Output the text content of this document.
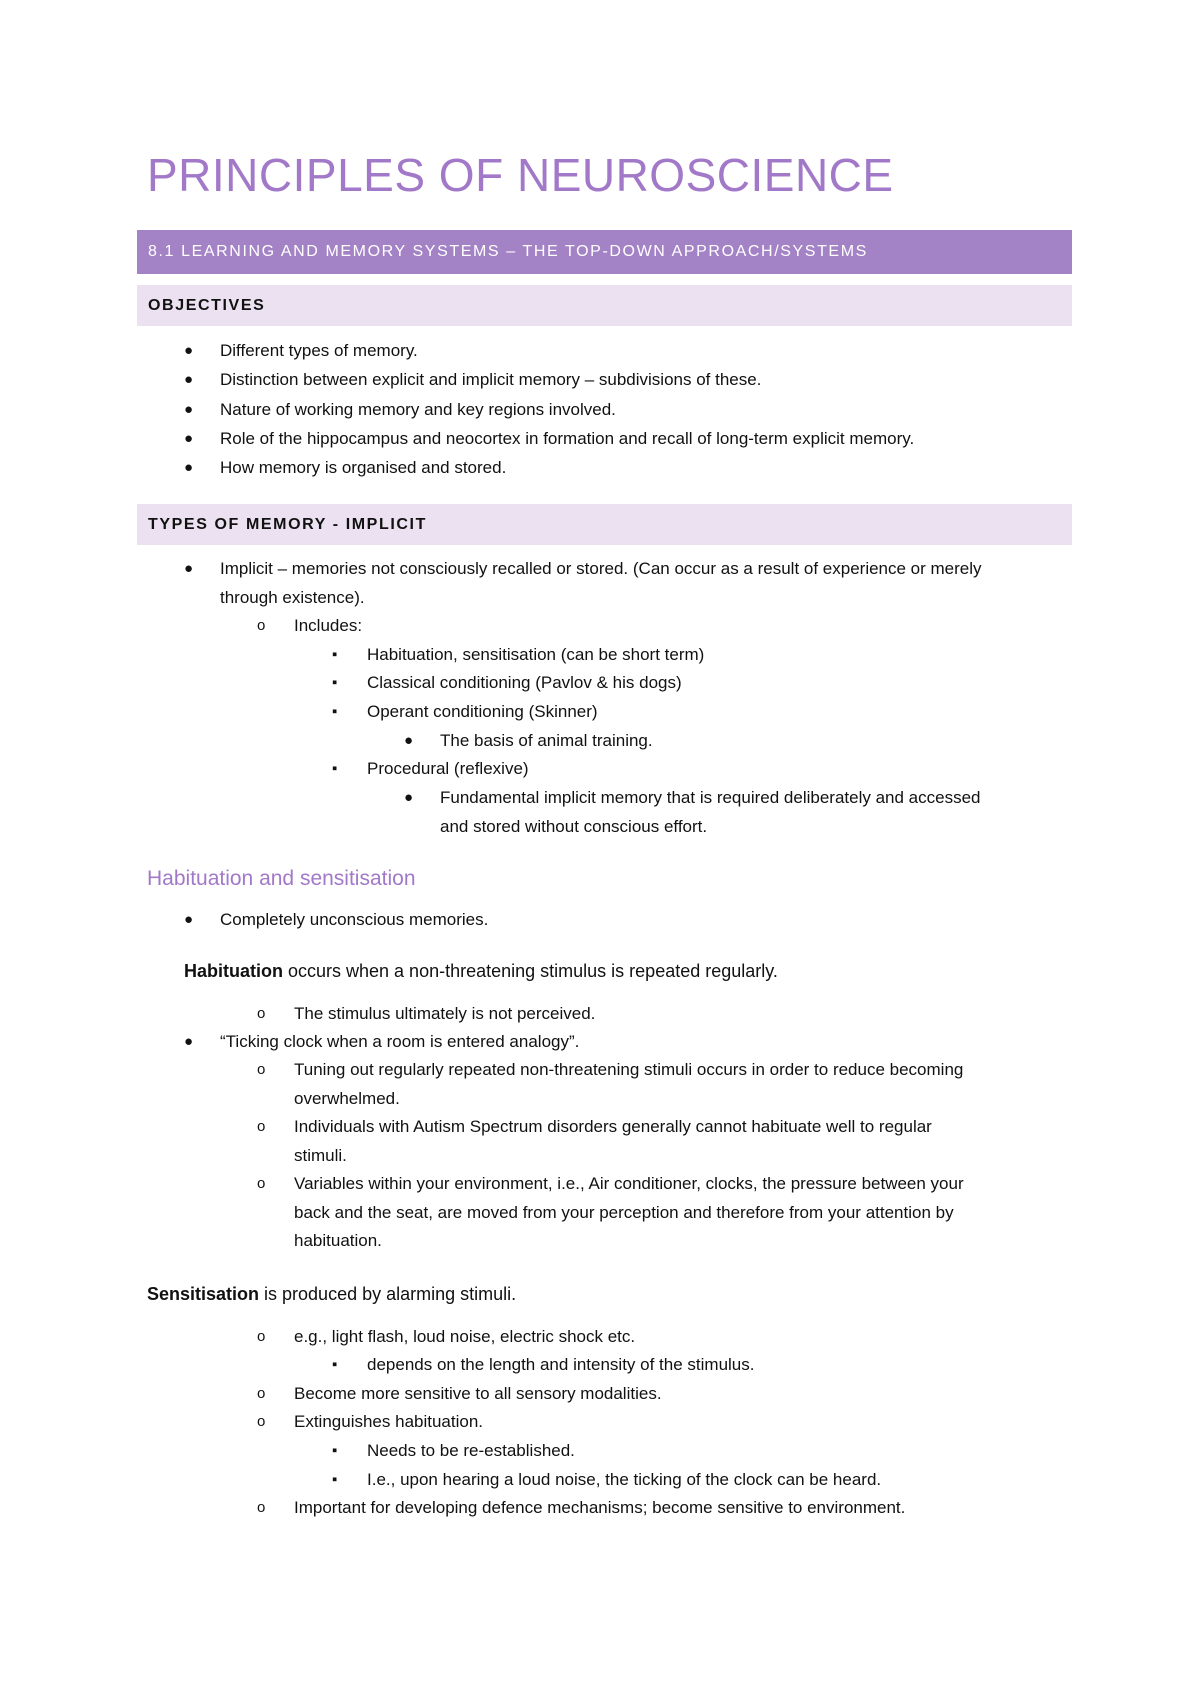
PRINCIPLES OF NEUROSCIENCE
8.1 LEARNING AND MEMORY SYSTEMS – THE TOP-DOWN APPROACH/SYSTEMS
OBJECTIVES
● Different types of memory.
● Distinction between explicit and implicit memory – subdivisions of these.
● Nature of working memory and key regions involved.
● Role of the hippocampus and neocortex in formation and recall of long-term explicit memory.
● How memory is organised and stored.
TYPES OF MEMORY - IMPLICIT
● Implicit – memories not consciously recalled or stored. (Can occur as a result of experience or merely
through existence).
o Includes:
▪ Habituation, sensitisation (can be short term)
▪ Classical conditioning (Pavlov & his dogs)
▪ Operant conditioning (Skinner)
● The basis of animal training.
▪ Procedural (reflexive)
● Fundamental implicit memory that is required deliberately and accessed
and stored without conscious effort.
Habituation and sensitisation
● Completely unconscious memories.
Habituation occurs when a non-threatening stimulus is repeated regularly.
o The stimulus ultimately is not perceived.
● “Ticking clock when a room is entered analogy”.
o Tuning out regularly repeated non-threatening stimuli occurs in order to reduce becoming
overwhelmed.
o Individuals with Autism Spectrum disorders generally cannot habituate well to regular
stimuli.
o Variables within your environment, i.e., Air conditioner, clocks, the pressure between your
back and the seat, are moved from your perception and therefore from your attention by
habituation.
Sensitisation is produced by alarming stimuli.
o e.g., light flash, loud noise, electric shock etc.
▪ depends on the length and intensity of the stimulus.
o Become more sensitive to all sensory modalities.
o Extinguishes habituation.
▪ Needs to be re-established.
▪ I.e., upon hearing a loud noise, the ticking of the clock can be heard.
o Important for developing defence mechanisms; become sensitive to environment.
